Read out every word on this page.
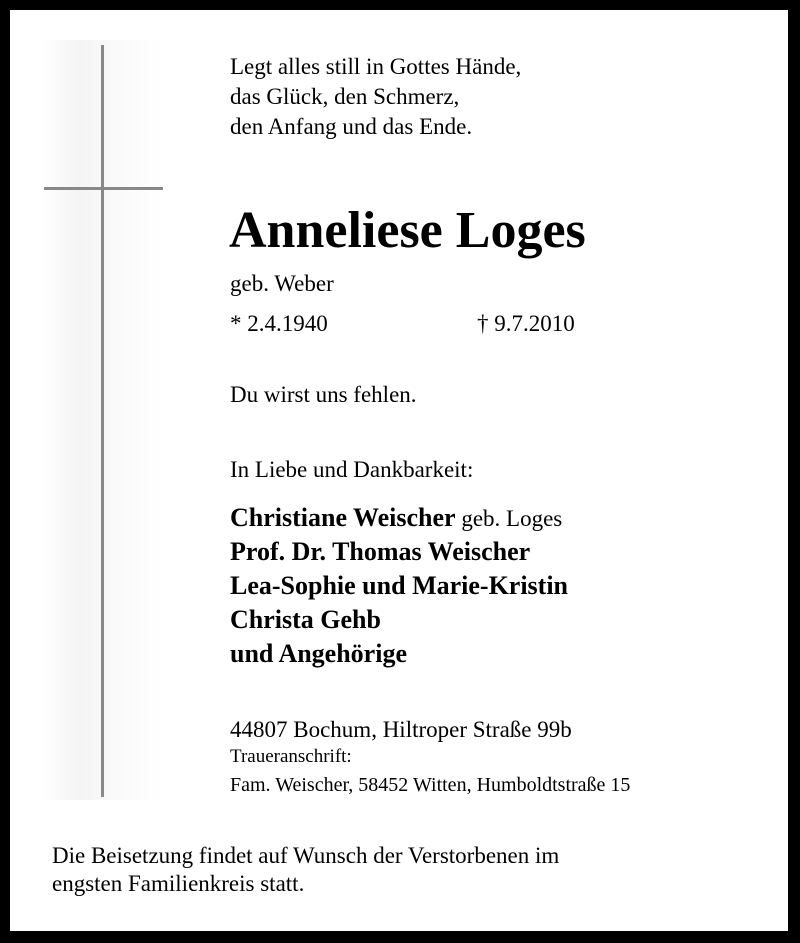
Legt alles still in Gottes Hände,
das Glück, den Schmerz,
den Anfang und das Ende.
Anneliese Loges
geb. Weber
* 2.4.1940	† 9.7.2010
Du wirst uns fehlen.
In Liebe und Dankbarkeit:
Christiane Weischer geb. Loges
Prof. Dr. Thomas Weischer
Lea-Sophie und Marie-Kristin
Christa Gehb
und Angehörige
44807 Bochum, Hiltroper Straße 99b
Traueranschrift:
Fam. Weischer, 58452 Witten, Humboldtstraße 15
Die Beisetzung findet auf Wunsch der Verstorbenen im
engsten Familienkreis statt.
